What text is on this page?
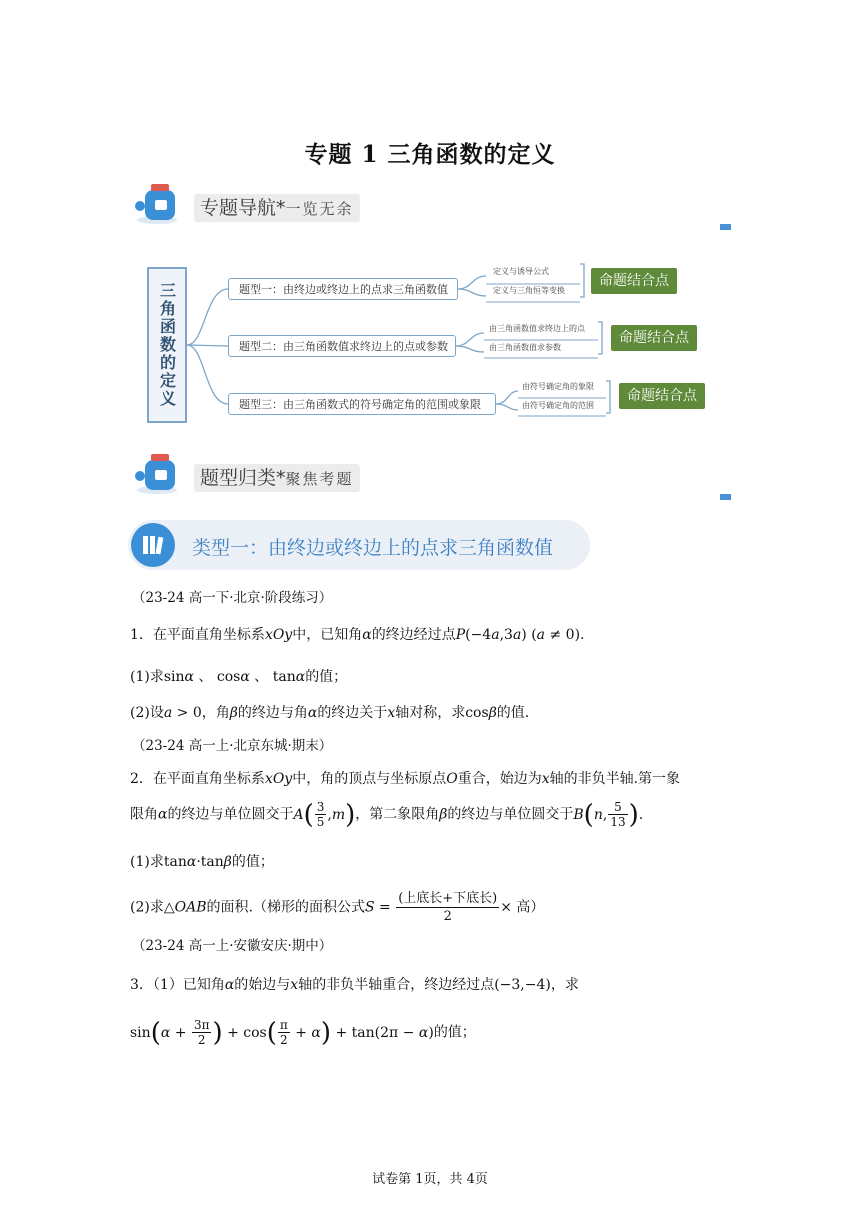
专题 1 三角函数的定义
专题导航*一览无余
三角函数的定义	题型一：由终边或终边上的点求三角函数值
题型二：由三角函数值求终边上的点或参数
题型三：由三角函数式的符号确定角的范围或象限
定义与诱导公式
定义与三角恒等变换
由三角函数值求终边上的点
由三角函数值求参数
由符号确定角的象限
由符号确定角的范围
命题结合点
命题结合点
命题结合点
题型归类*聚焦考题
类型一：由终边或终边上的点求三角函数值
（23-24 高一下·北京·阶段练习）
1．在平面直角坐标系xOy中，已知角α的终边经过点P(−4a,3a) (a ≠ 0).
(1)求sinα 、 cosα 、 tanα的值；
(2)设a > 0，角β的终边与角α的终边关于x轴对称，求cosβ的值.
（23-24 高一上·北京东城·期末）
2．在平面直角坐标系xOy中，角的顶点与坐标原点O重合，始边为x轴的非负半轴.第一象
限角α的终边与单位圆交于$A( \frac{3}{5} ,m)$，第二象限角β的终边与单位圆交于B(n, $\frac{5}{13}$ ).
(1)求tanα·tanβ的值；
(2)求△OAB的面积.（梯形的面积公式$S = \frac{\text{(上底长+下底长)}}{2}$ × 高）
（23-24 高一上·安徽安庆·期中）
3．（1）已知角α的始边与x轴的非负半轴重合，终边经过点(−3,−4)，求
$\sin(\alpha + \frac{3\pi}{2}$ ) + $\cos( \frac{\pi}{2} + \alpha) + \tan(2\pi - \alpha)$的值；
试卷第 1页，共 4页
